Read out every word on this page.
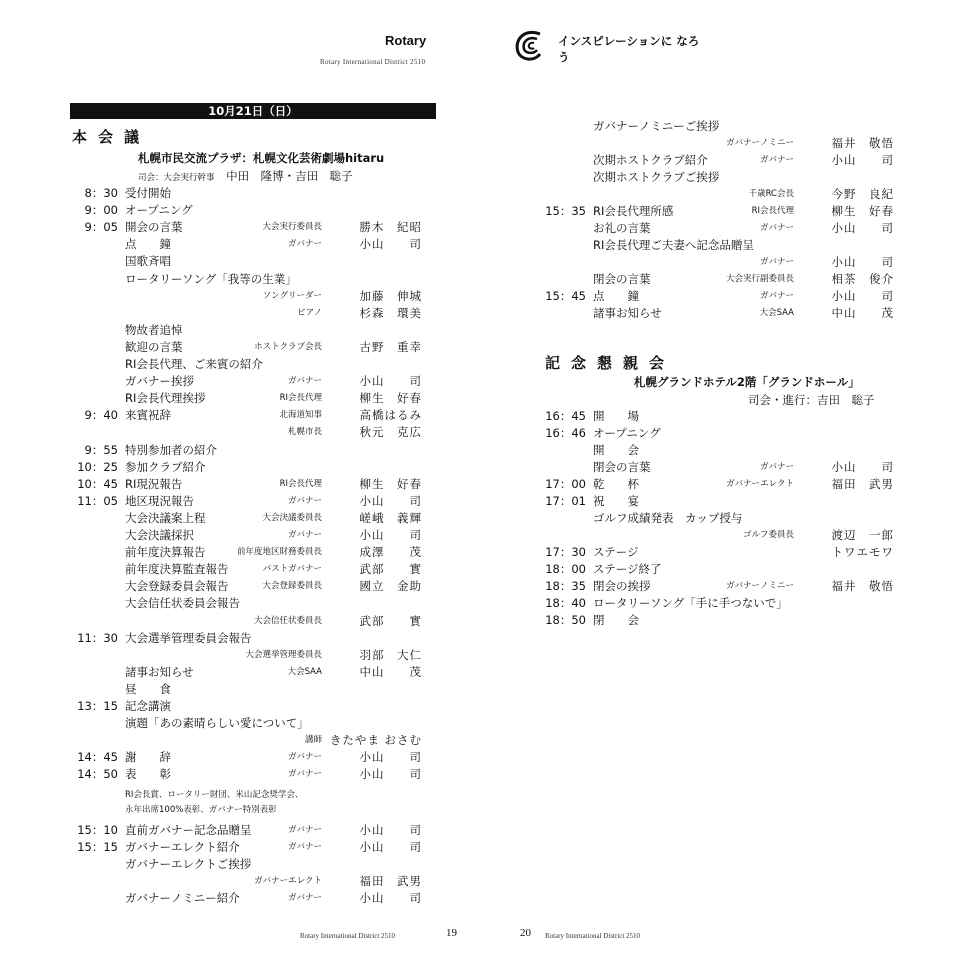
Rotary
Rotary International District 2510
10月21日（日）
本会議
札幌市民交流プラザ：札幌文化芸術劇場hitaru
司会：大会実行幹事 中田　隆博・吉田　聡子
8：30 受付開始
9：00 オープニング
9：05 開会の言葉	大会実行委員長	勝木　紀昭
点　　鐘	ガバナー	小山　　司
国歌斉唱
ロータリーソング「我等の生業」
ソングリーダー	加藤　伸城
ピアノ	杉森　環美
物故者追悼
歓迎の言葉	ホストクラブ会長	古野　重幸
RI会長代理、ご来賓の紹介
ガバナー挨拶	ガバナー	小山　　司
RI会長代理挨拶	RI会長代理	柳生　好春
9：40 来賓祝辞	北海道知事	高橋はるみ
札幌市長	秋元　克広
9：55 特別参加者の紹介
10：25 参加クラブ紹介
10：45 RI現況報告	RI会長代理	柳生　好春
11：05 地区現況報告	ガバナー	小山　　司
大会決議案上程	大会決議委員長	嵯峨　義輝
大会決議採択	ガバナー	小山　　司
前年度決算報告	前年度地区財務委員長	成澤　　茂
前年度決算監査報告	パストガバナー	武部　　實
大会登録委員会報告	大会登録委員長	國立　金助
大会信任状委員会報告
大会信任状委員長	武部　　實
11：30 大会選挙管理委員会報告
大会選挙管理委員長	羽部　大仁
諸事お知らせ	大会SAA	中山　　茂
昼　　食
13：15 記念講演
演題「あの素晴らしい愛について」
講師 きたやま おさむ
14：45 謝　　辞	ガバナー	小山　　司
14：50 表　　彰	ガバナー	小山　　司
RI会長賞、ロータリー財団、米山記念奨学会、
永年出席100%表彰、ガバナー特別表彰
15：10 直前ガバナー記念品贈呈	ガバナー	小山　　司
15：15 ガバナーエレクト紹介	ガバナー	小山　　司
ガバナーエレクトご挨拶
ガバナーエレクト	福田　武男
ガバナーノミニー紹介	ガバナー	小山　　司
Rotary International District 2510	19
インスピレーションに なろう
ガバナーノミニーご挨拶
ガバナーノミニー	福井　敬悟
次期ホストクラブ紹介	ガバナー	小山　　司
次期ホストクラブご挨拶
千歳RC会長	今野　良紀
15：35 RI会長代理所感	RI会長代理	柳生　好春
お礼の言葉	ガバナー	小山　　司
RI会長代理ご夫妻へ記念品贈呈
ガバナー	小山　　司
閉会の言葉	大会実行副委員長	相茶　俊介
15：45 点　　鐘	ガバナー	小山　　司
諸事お知らせ	大会SAA	中山　　茂
記念懇親会
札幌グランドホテル2階「グランドホール」
司会・進行：吉田　聡子
16：45 開　　場
16：46 オープニング
開　　会
閉会の言葉	ガバナー	小山　　司
17：00 乾　　杯	ガバナーエレクト	福田　武男
17：01 祝　　宴
ゴルフ成績発表　カップ授与
ゴルフ委員長	渡辺　一郎
17：30 ステージ	トワエモワ
18：00 ステージ終了
18：35 閉会の挨拶	ガバナーノミニー	福井　敬悟
18：40 ロータリーソング「手に手つないで」
18：50 閉　　会
20 Rotary International District 2510
